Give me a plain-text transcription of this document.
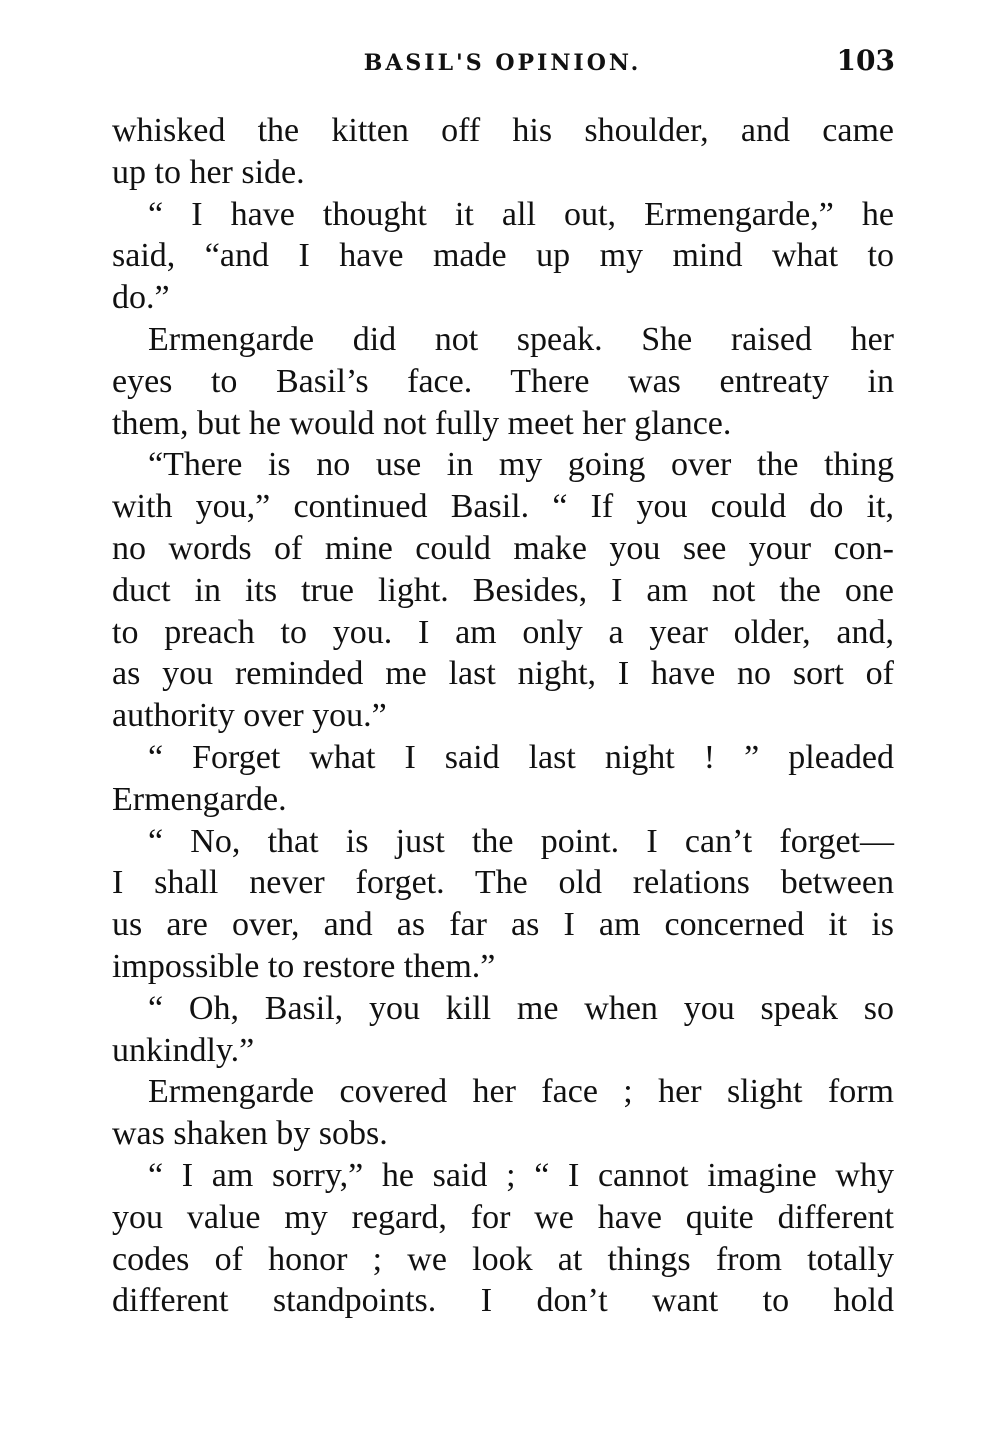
BASIL'S OPINION.	103
whisked the kitten off his shoulder, and came
up to her side.
“ I have thought it all out, Ermengarde,” he
said, “and I have made up my mind what to
do.”
Ermengarde did not speak. She raised her
eyes to Basil’s face. There was entreaty in
them, but he would not fully meet her glance.
“There is no use in my going over the thing
with you,” continued Basil. “ If you could do it,
no words of mine could make you see your con-
duct in its true light. Besides, I am not the one
to preach to you. I am only a year older, and,
as you reminded me last night, I have no sort of
authority over you.”
“ Forget what I said last night ! ” pleaded
Ermengarde.
“ No, that is just the point. I can’t forget—
I shall never forget. The old relations between
us are over, and as far as I am concerned it is
impossible to restore them.”
“ Oh, Basil, you kill me when you speak so
unkindly.”
Ermengarde covered her face ; her slight form
was shaken by sobs.
“ I am sorry,” he said ; “ I cannot imagine why
you value my regard, for we have quite different
codes of honor ; we look at things from totally
different standpoints. I don’t want to hold
